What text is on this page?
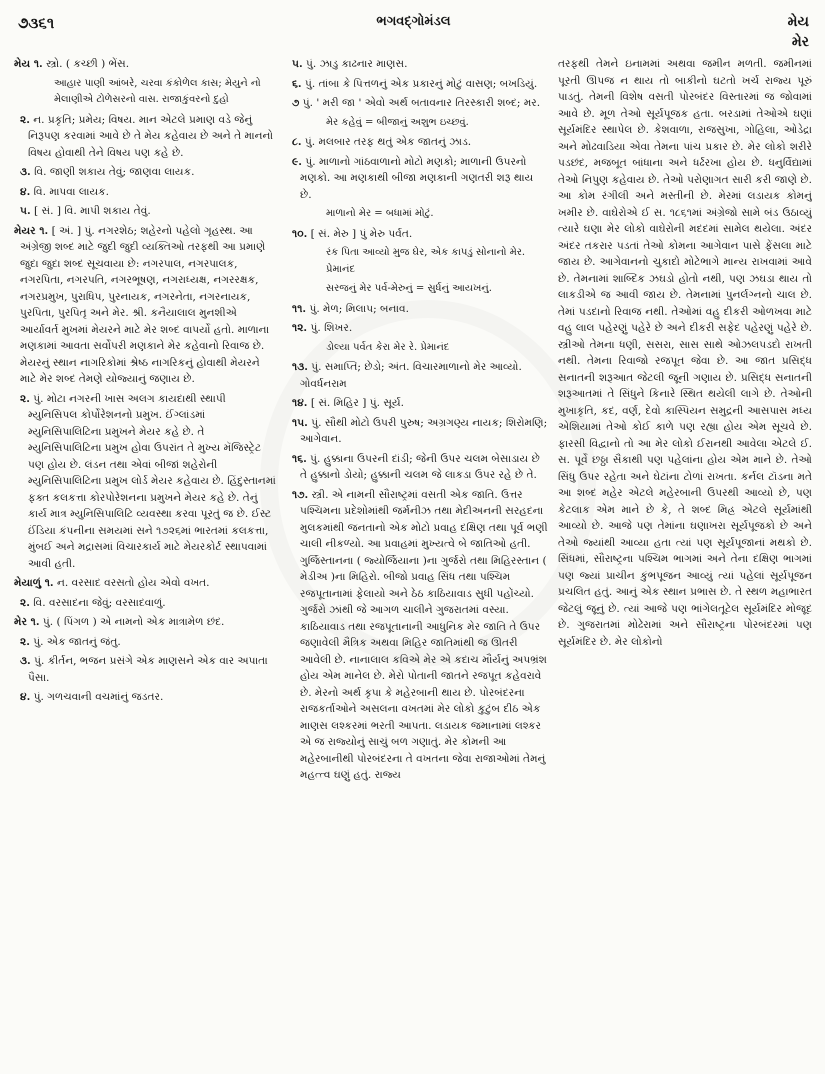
૭૩૬૧	ભગવદ્ગોમંડલ	મેય
મેર
મેય ૧. સ્ત્રો. ( કચ્છી ) ભેંસ.
આહાર પાણી આંબરે, ચરવા કંકોળેલ કાસ; મેયુને નો મેલાણીએ ટોળેસરનો વાસ. રાજાકુંવરનો દુહો
૨. ન. પ્રકૃતિ; પ્રમેય; વિષય. માન એટલે પ્રમાણ વડે જેનું નિરૂપણ કરવામાં આવે છે તે મેય કહેવાય છે અને તે માનનો વિષય હોવાથી તેને વિષય પણ કહે છે.
૩. વિ. જાણી શકાય તેવું; જાણવા લાયક.
૪. વિ. માપવા લાયક.
૫. [ સં. ] વિ. માપી શકાય તેવું.
મેયર ૧. [ અં. ] પું. નગરશેઠ; શહેરનો પહેલો ગૃહસ્થ. આ અંગ્રેજી શબ્દ માટે જુદી જુદી વ્યક્તિઓ તરફથી આ પ્રમાણે જુદા જુદા શબ્દ સૂચવાયા છે: નગરપાલ, નગરપાલક, નગરપિતા, નગરપતિ, નગરભૂષણ, નગરાધ્યક્ષ, નગરરક્ષક, નગરપ્રમુખ, પુરાધિપ, પુરનાયક, નગરનેતા, નગરનાયક, પુરપિતા, પુરપિતૃ અને મેર. શ્રી. કનૈયાલાલ મુનશીએ આર્યાવર્ત મુખમાં મેયરને માટે મેર શબ્દ વાપર્યો હતો. માળાના મણકામાં આવતા સર્વોપરી મણકાને મેર કહેવાનો રિવાજ છે. મેયરનું સ્થાન નાગરિકોમાં શ્રેષ્ઠ નાગરિકનું હોવાથી મેયરને માટે મેર શબ્દ તેમણે યોજ્યાનું જણાય છે.
૨. પું. મોટા નગરની ખાસ અલગ કાયદાથી સ્થાપી મ્યુનિસિપલ કોર્પોરેશનનો પ્રમુખ. ઈંગ્લાંડમાં મ્યુનિસિપાલિટિના પ્રમુખને મેયર કહે છે. તે મ્યુનિસિપાલિટિના પ્રમુખ હોવા ઉપરાંત તે મુખ્ય મૅજિસ્ટ્રેટ પણ હોય છે. લંડન તથા એવાં બીજાં શહેરોની મ્યુનિસિપાલિટિના પ્રમુખ લોર્ડ મેયર કહેવાય છે. હિંદુસ્તાનમાં ફક્ત કલકત્તા કોરપોરેશનના પ્રમુખને મેયર કહે છે. તેનું કાર્ય માત્ર મ્યુનિસિપાલિટિ વ્યવસ્થા કરવા પૂરતું જ છે. ઈસ્ટ ઈંડિયા કંપનીના સમયમાં સને ૧૭૨૬માં ભારતમાં કલકત્તા, મુંબઈ અને મદ્રાસમાં વિચારકાર્ય માટે મેયરકોર્ટ સ્થાપવામાં આવી હતી.
મેયાળું ૧. ન. વરસાદ વરસતો હોય એવો વખત.
૨. વિ. વરસાદના જેવું; વરસાદવાળું.
મેર ૧. પું. ( પિંગળ ) એ નામનો એક માત્રામેળ છંદ.
૨. પું. એક જાતનું જંતુ.
૩. પું. કીર્તન, ભજન પ્રસંગે એક માણસને એક વાર અપાતા પૈસા.
૪. પું. ગળચવાની વચમાંનું જડતર.
૫. પું. ઝાડુ કાઢનાર માણસ.
૬. પું. તાંબા કે પિત્તળનું એક પ્રકારનું મોટું વાસણ; બખડિયું.
૭ પું. ' મરી જા ' એવો અર્થ બતાવનાર તિરસ્કારી શબ્દ; મર.
મેર કહેવું = બીજાનું અશુભ ઇચ્છવું.
૮. પું. મલબાર તરફ થતું એક જાતનું ઝાડ.
૯. પું. માળાનો ગાંઠવાળાનો મોટો મણકો; માળાની ઉપરનો મણકો. આ મણકાથી બીજા મણકાની ગણતરી શરૂ થાય છે.
માળાનો મેર = બધામાં મોટું.
૧૦. [ સં. મેરુ ] પું મેરુ પર્વત.
રંક પિતા આવ્યો મુજ ઘેર, એક કાપડું સોનાનો મેર. પ્રેમાનંદ
સરજનું મેર પર્વ-મેરુનું = સુર્ધનું આયખનું.
૧૧. પું. મેળ; મિલાપ; બનાવ.
૧૨. પું. શિખર.
ડોલ્યા પર્વત કેરા મેર રે. પ્રેમાનંદ
૧૩. પું. સમાપ્તિ; છેડો; અંત. વિચારમાળાનો મેર આવ્યો. ગોવર્ધનરામ
૧૪. [ સં. મિહિર ] પું. સૂર્ય.
૧૫. પું. સૌથી મોટો ઉપરી પુરુષ; અગ્રગણ્ય નાયક; શિરોમણિ; આગેવાન.
૧૬. પું. હુક્કાના ઉપરની દાંડી; જેની ઉપર ચલમ બેસાડાય છે તે હુક્કાનો ડોયો; હુક્કાની ચલમ જે લાકડા ઉપર રહે છે તે.
૧૭. સ્ત્રી. એ નામની સૌરાષ્ટ્રમાં વસતી એક જાતિ. ઉત્તર પશ્ચિમના પ્રદેશોમાંથી જર્મનીઝ તથા મેદીઅનની સરહદના મુલકમાંથી જનતાનો એક મોટો પ્રવાહ દક્ષિણ તથા પૂર્વ ભણી ચાલી નીકળ્યો. આ પ્રવાહમાં મુખ્યત્વે બે જાતિઓ હતી. ગુર્જિસ્તાનના ( જ્યોર્જિયાના )ના ગુર્જરો તથા મિહિરસ્તાન ( મેડીઅ )ના મિહિરો. બીજો પ્રવાહ સિંધ તથા પશ્ચિમ રજપૂતાનામાં ફેલાયો અને ઠેઠ કાઠિયાવાડ સુધી પહોંચ્યો. ગુર્જરો ઝાંથી જે આગળ ચાલીને ગુજરાતમાં વસ્યા. કાઠિયાવાડ તથા રજપૂતાનાની આધુનિક મેર જાતિ તે ઉપર જણાવેલી મૈત્રિક અથવા મિહિર જાતિમાંથી જ ઊતરી આવેલી છે. નાનાલાલ કવિએ મેર એ કદાચ મૌર્યનું અપભ્રંશ હોય એમ માનેલ છે. મેરો પોતાની જાતને રજપૂત કહેવરાવે છે. મેરનો અર્થ કૃપા કે મહેરબાની થાય છે. પોરબંદરના રાજકર્તાઓને અસલના વખતમાં મેર લોકો કુટુંબ દીઠ એક માણસ લશ્કરમાં ભરતી આપતા. લડાયક જમાનામાં લશ્કર એ જ રાજ્યોનું સાચું બળ ગણાતું. મેર કોમની આ મહેરબાનીથી પોરબંદરના તે વખતના જેવા રાજાઓમાં તેમનું મહત્ત્વ ઘણું હતું. રાજ્ય

તરફથી તેમને ઇનામમાં અથવા જમીન મળતી. જમીનમાં પૂરતી ઊપજ ન થાય તો બાકીનો ઘટતો ખર્ચ રાજ્ય પૂરું પાડતું. તેમની વિશેષ વસતી પોરબંદર વિસ્તારમાં જ જોવામાં આવે છે. મૂળ તેઓ સૂર્યપૂજક હતા. બરડામાં તેઓએ ઘણાં સૂર્યમંદિર સ્થાપેલ છે. કેશવાળા, રાજસુખા, ગોહિલા, ઓડેદ્રા અને મોઢવાડિયા એવા તેમના પાંચ પ્રકાર છે. મેર લોકો શરીરે પડછંદ, મજબૂત બાંધાના અને ધર્ઢરખા હોય છે. ધનુર્વિદ્યામાં તેઓ નિપુણ કહેવાય છે. તેઓ પરોણાગત સારી કરી જાણે છે. આ કોમ રંગીલી અને મસ્તીની છે. મેરમાં લડાયક કોમનું ખમીર છે. વાઘેરોએ ઈ સ. ૧૮૬૧માં અંગ્રેજો સામે બંડ ઉઠાવ્યું ત્યારે ઘણા મેર લોકો વાઘેરોની મદદમાં સામેલ થયેલા. અંદર અંદર તકરાર પડતાં તેઓ કોમના આગેવાન પાસે ફેંસલા માટે જાય છે. આગેવાનનો ચુકાદો મોટેભાગે માન્ય રાખવામાં આવે છે. તેમનામાં શાબ્દિક ઝઘડો હોતો નથી, પણ ઝઘડા થાય તો લાકડીએ જ આવી જાય છે. તેમનામાં પુનર્લગ્નનો ચાલ છે. તેમાં પડદાનો રિવાજ નથી. તેઓમાં વહુ દીકરી ઓળખવા માટે વહુ લાલ પહેરણું પહેરે છે અને દીકરી સફેદ પહેરણું પહેરે છે. સ્ત્રીઓ તેમના ધણી, સસરા, સાસ સાથે ઓઝલપડદો રાખતી નથી. તેમના રિવાજો રજપૂત જેવા છે. આ જાત પ્રસિદ્ધ સનાતની શરૂઆત જેટલી જૂની ગણાય છે. પ્રસિદ્ધ સનાતની શરૂઆતમાં તે સિંધુને કિનારે સ્થિત થયેલી લાગે છે. તેઓની મુખાકૃતિ, કદ, વર્ણ, દેવો કાસ્પિયન સમુદ્રની આસપાસ મધ્ય એશિયામાં તેઓ કોઈ કાળે પણ રહ્યા હોય એમ સૂચવે છે. ફારસી વિદ્વાનો તો આ મેર લોકો ઈરાનથી આવેલા એટલે ઈ. સ. પૂર્વે છઠ્ઠા સૈકાથી પણ પહેલાંના હોય એમ માને છે. તેઓ સિંધુ ઉપર રહેતા અને ઘેટાંના ટોળાં રાખતા. કર્નલ ટૉડના મતે આ શબ્દ મહેર એટલે મહેરબાની ઉપરથી આવ્યો છે, પણ કેટલાક એમ માને છે કે, તે શબ્દ મિહ્ર એટલે સૂર્યમાંથી આવ્યો છે. આજે પણ તેમાંના ઘણાખરા સૂર્યપૂજકો છે અને તેઓ જ્યાંથી આવ્યા હતા ત્યાં પણ સૂર્યપૂજાનાં મથકો છે. સિંધમાં, સૌરાષ્ટ્રના પશ્ચિમ ભાગમાં અને તેના દક્ષિણ ભાગમાં પણ જ્યાં પ્રાચીન કુંભપૂજન આવ્યું ત્યાં પહેલાં સૂર્યપૂજન પ્રચલિત હતું. આનું એક સ્થાન પ્રભાસ છે. તે સ્થળ મહાભારત જેટલું જૂનું છે. ત્યાં આજે પણ ભાંગેલતૂટેલ સૂર્યમંદિર મોજૂદ છે. ગુજરાતમાં મોઢેરામાં અને સૌરાષ્ટ્રના પોરબંદરમાં પણ સૂર્યમંદિર છે. મેર લોકોનો
